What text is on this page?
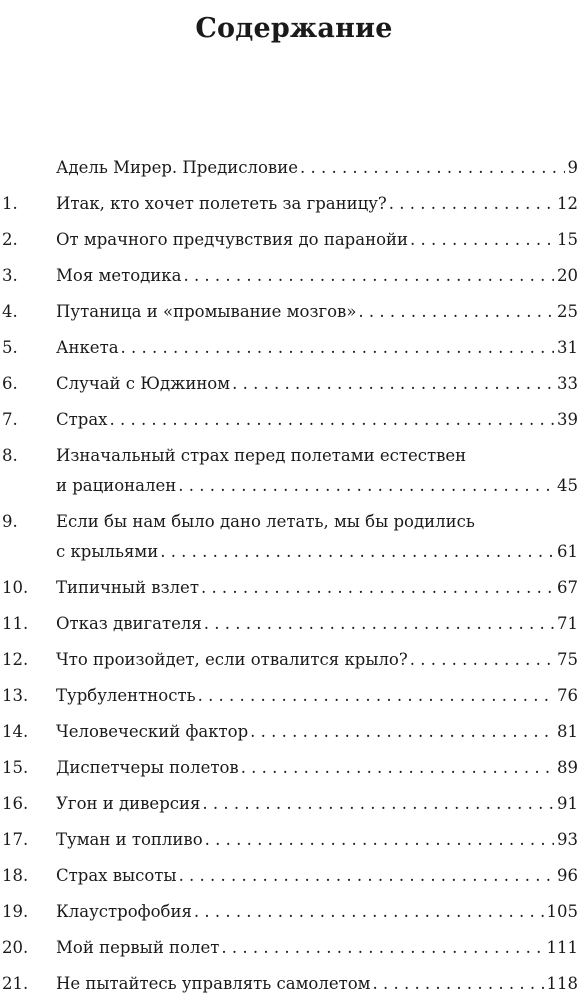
Содержание
Адель Мирер. Предисловие . . .	9
1.	Итак, кто хочет полететь за границу? . . .	12
2.	От мрачного предчувствия до паранойи . . .	15
3.	Моя методика . . .	20
4.	Путаница и «промывание мозгов» . . .	25
5.	Анкета . . .	31
6.	Случай с Юджином . . .	33
7.	Страх . . .	39
8.	Изначальный страх перед полетами естествен
и рационален . . .	45
9.	Если бы нам было дано летать, мы бы родились
с крыльями . . .	61
10.	Типичный взлет . . .	67
11.	Отказ двигателя . . .	71
12.	Что произойдет, если отвалится крыло? . . .	75
13.	Турбулентность . . .	76
14.	Человеческий фактор . . .	81
15.	Диспетчеры полетов . . .	89
16.	Угон и диверсия . . .	91
17.	Туман и топливо . . .	93
18.	Страх высоты . . .	96
19.	Клаустрофобия . . .	105
20.	Мой первый полет . . .	111
21.	Не пытайтесь управлять самолетом . . .	118
